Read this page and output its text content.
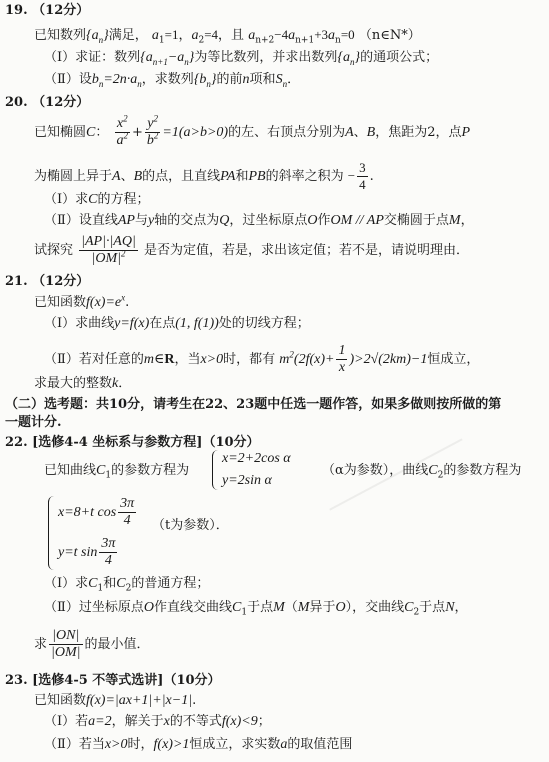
19. （12分）
已知数列$\{a_n\}$满足， $a_1=1$，$a_2=4$，且 $a_{n+2}-4a_{n+1}+3a_n=0$ （n∈N*）
（Ⅰ）求证：数列$\{a_{n+1}-a_n\}$为等比数列，并求出数列$\{a_n\}$的通项公式；
（Ⅱ）设$b_n=2n\cdot a_n$，求数列$\{b_n\}$的前n项和$S_n$．
20. （12分）
已知椭圆C： $\frac{x^2}{a^2} + \frac{y^2}{b^2} =1(a>b>0)$的左、右顶点分别为A、B，焦距为2，点P
为椭圆上异于A、B的点，且直线PA和PB的斜率之积为 − $\frac{3}{4}$ .
（Ⅰ）求C的方程；
（Ⅱ）设直线AP与y轴的交点为Q，过坐标原点O作OM // AP交椭圆于点M，
试探究 $\frac{|AP|\cdot|AQ|}{|OM|^2}$ 是否为定值，若是，求出该定值；若不是，请说明理由．
21. （12分）
已知函数$f(x)=e^x$.
（Ⅰ）求曲线y=f(x)在点(1, f(1))处的切线方程；
（Ⅱ）若对任意的m∈R，当x>0时，都有 $m^2(2f(x)+ \frac{1}{x} )>2√(2km)-1$恒成立，
求最大的整数k．
（二）选考题：共10分，请考生在22、23题中任选一题作答，如果多做则按所做的第
一题计分.
22. [选修4-4 坐标系与参数方程]（10分）
已知曲线$C_1$的参数方程为
x=2+2cos α
y=2sin α
（α为参数），曲线$C_2$的参数方程为
x=8+t $\cos \frac{3\pi}{4}$
y=t $\sin \frac{3\pi}{4}$
（t为参数）．
（Ⅰ）求$C_1$和$C_2$的普通方程；
（Ⅱ）过坐标原点O作直线交曲线$C_1$于点M（M异于O），交曲线$C_2$于点N，
求 $\frac{|ON|}{|OM|}$ 的最小值．
23. [选修4-5 不等式选讲]（10分）
已知函数f(x)=|ax+1|+|x−1|.
（Ⅰ）若a=2，解关于x的不等式f(x)<9；
（Ⅱ）若当x>0时，f(x)>1恒成立，求实数a的取值范围
